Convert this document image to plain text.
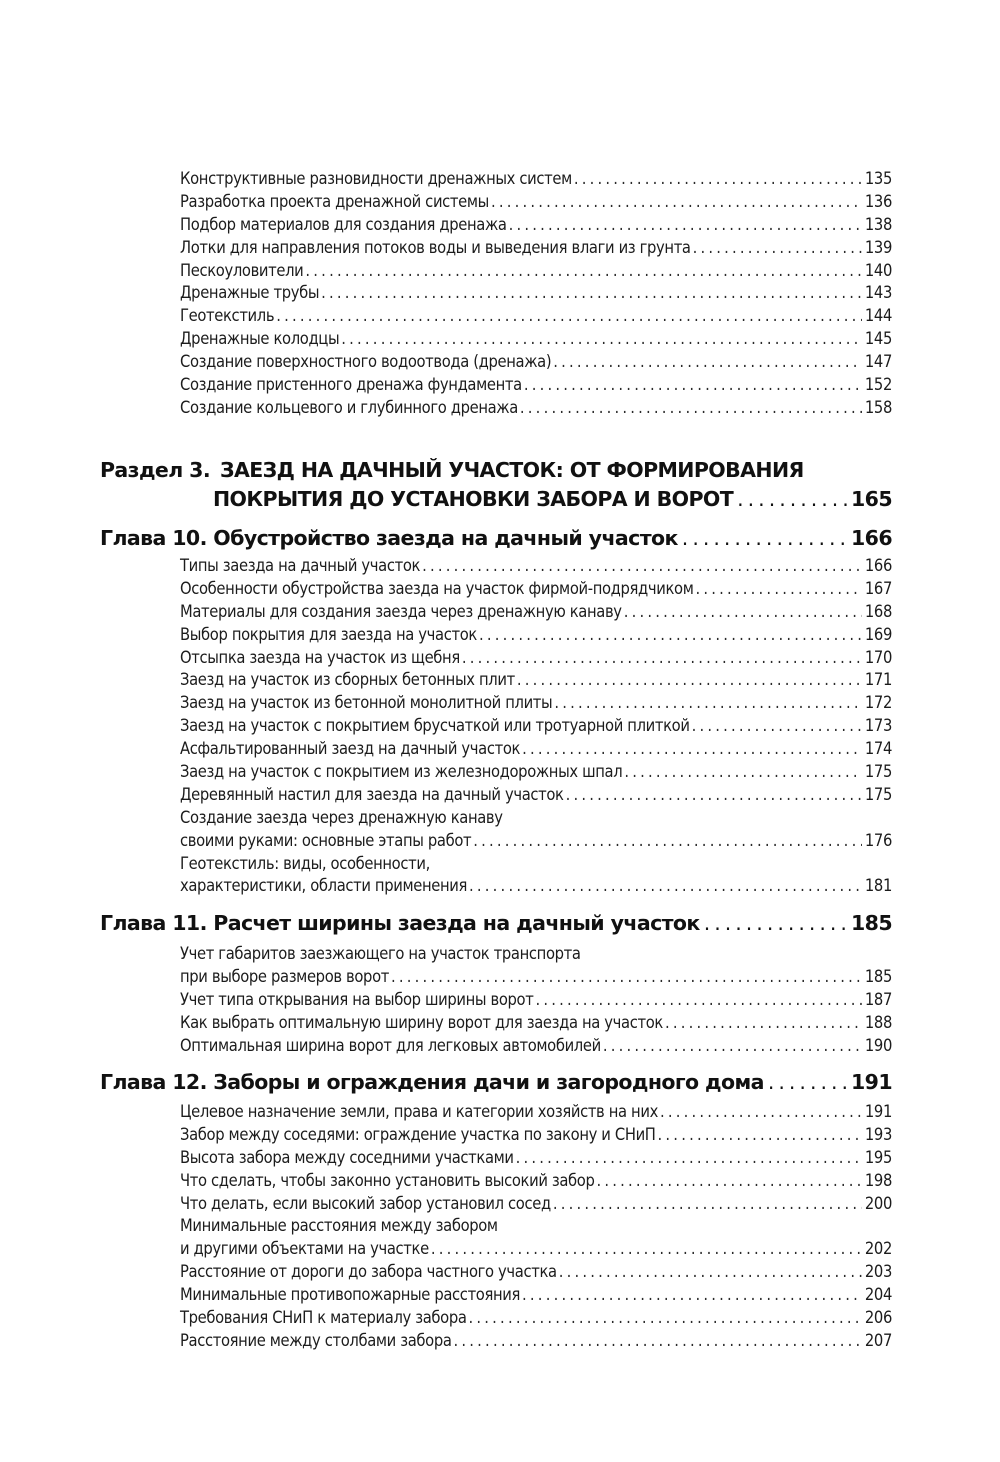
Конструктивные разновидности дренажных систем .....	135
Разработка проекта дренажной системы .....	136
Подбор материалов для создания дренажа .....	138
Лотки для направления потоков воды и выведения влаги из грунта .....	139
Пескоуловители .....	140
Дренажные трубы .....	143
Геотекстиль .....	144
Дренажные колодцы .....	145
Создание поверхностного водоотвода (дренажа) .....	147
Создание пристенного дренажа фундамента .....	152
Создание кольцевого и глубинного дренажа .....	158
Раздел 3. ЗАЕЗД НА ДАЧНЫЙ УЧАСТОК: ОТ ФОРМИРОВАНИЯ
ПОКРЫТИЯ ДО УСТАНОВКИ ЗАБОРА И ВОРОТ .....	165
Глава 10. Обустройство заезда на дачный участок .....	166
Типы заезда на дачный участок .....	166
Особенности обустройства заезда на участок фирмой-подрядчиком .....	167
Материалы для создания заезда через дренажную канаву .....	168
Выбор покрытия для заезда на участок .....	169
Отсыпка заезда на участок из щебня .....	170
Заезд на участок из сборных бетонных плит .....	171
Заезд на участок из бетонной монолитной плиты .....	172
Заезд на участок с покрытием брусчаткой или тротуарной плиткой .....	173
Асфальтированный заезд на дачный участок .....	174
Заезд на участок с покрытием из железнодорожных шпал .....	175
Деревянный настил для заезда на дачный участок .....	175
Создание заезда через дренажную канаву
своими руками: основные этапы работ .....	176
Геотекстиль: виды, особенности,
характеристики, области применения .....	181
Глава 11. Расчет ширины заезда на дачный участок .....	185
Учет габаритов заезжающего на участок транспорта
при выборе размеров ворот .....	185
Учет типа открывания на выбор ширины ворот .....	187
Как выбрать оптимальную ширину ворот для заезда на участок .....	188
Оптимальная ширина ворот для легковых автомобилей .....	190
Глава 12. Заборы и ограждения дачи и загородного дома .....	191
Целевое назначение земли, права и категории хозяйств на них .....	191
Забор между соседями: ограждение участка по закону и СНиП .....	193
Высота забора между соседними участками .....	195
Что сделать, чтобы законно установить высокий забор .....	198
Что делать, если высокий забор установил сосед .....	200
Минимальные расстояния между забором
и другими объектами на участке .....	202
Расстояние от дороги до забора частного участка .....	203
Минимальные противопожарные расстояния .....	204
Требования СНиП к материалу забора .....	206
Расстояние между столбами забора .....	207
